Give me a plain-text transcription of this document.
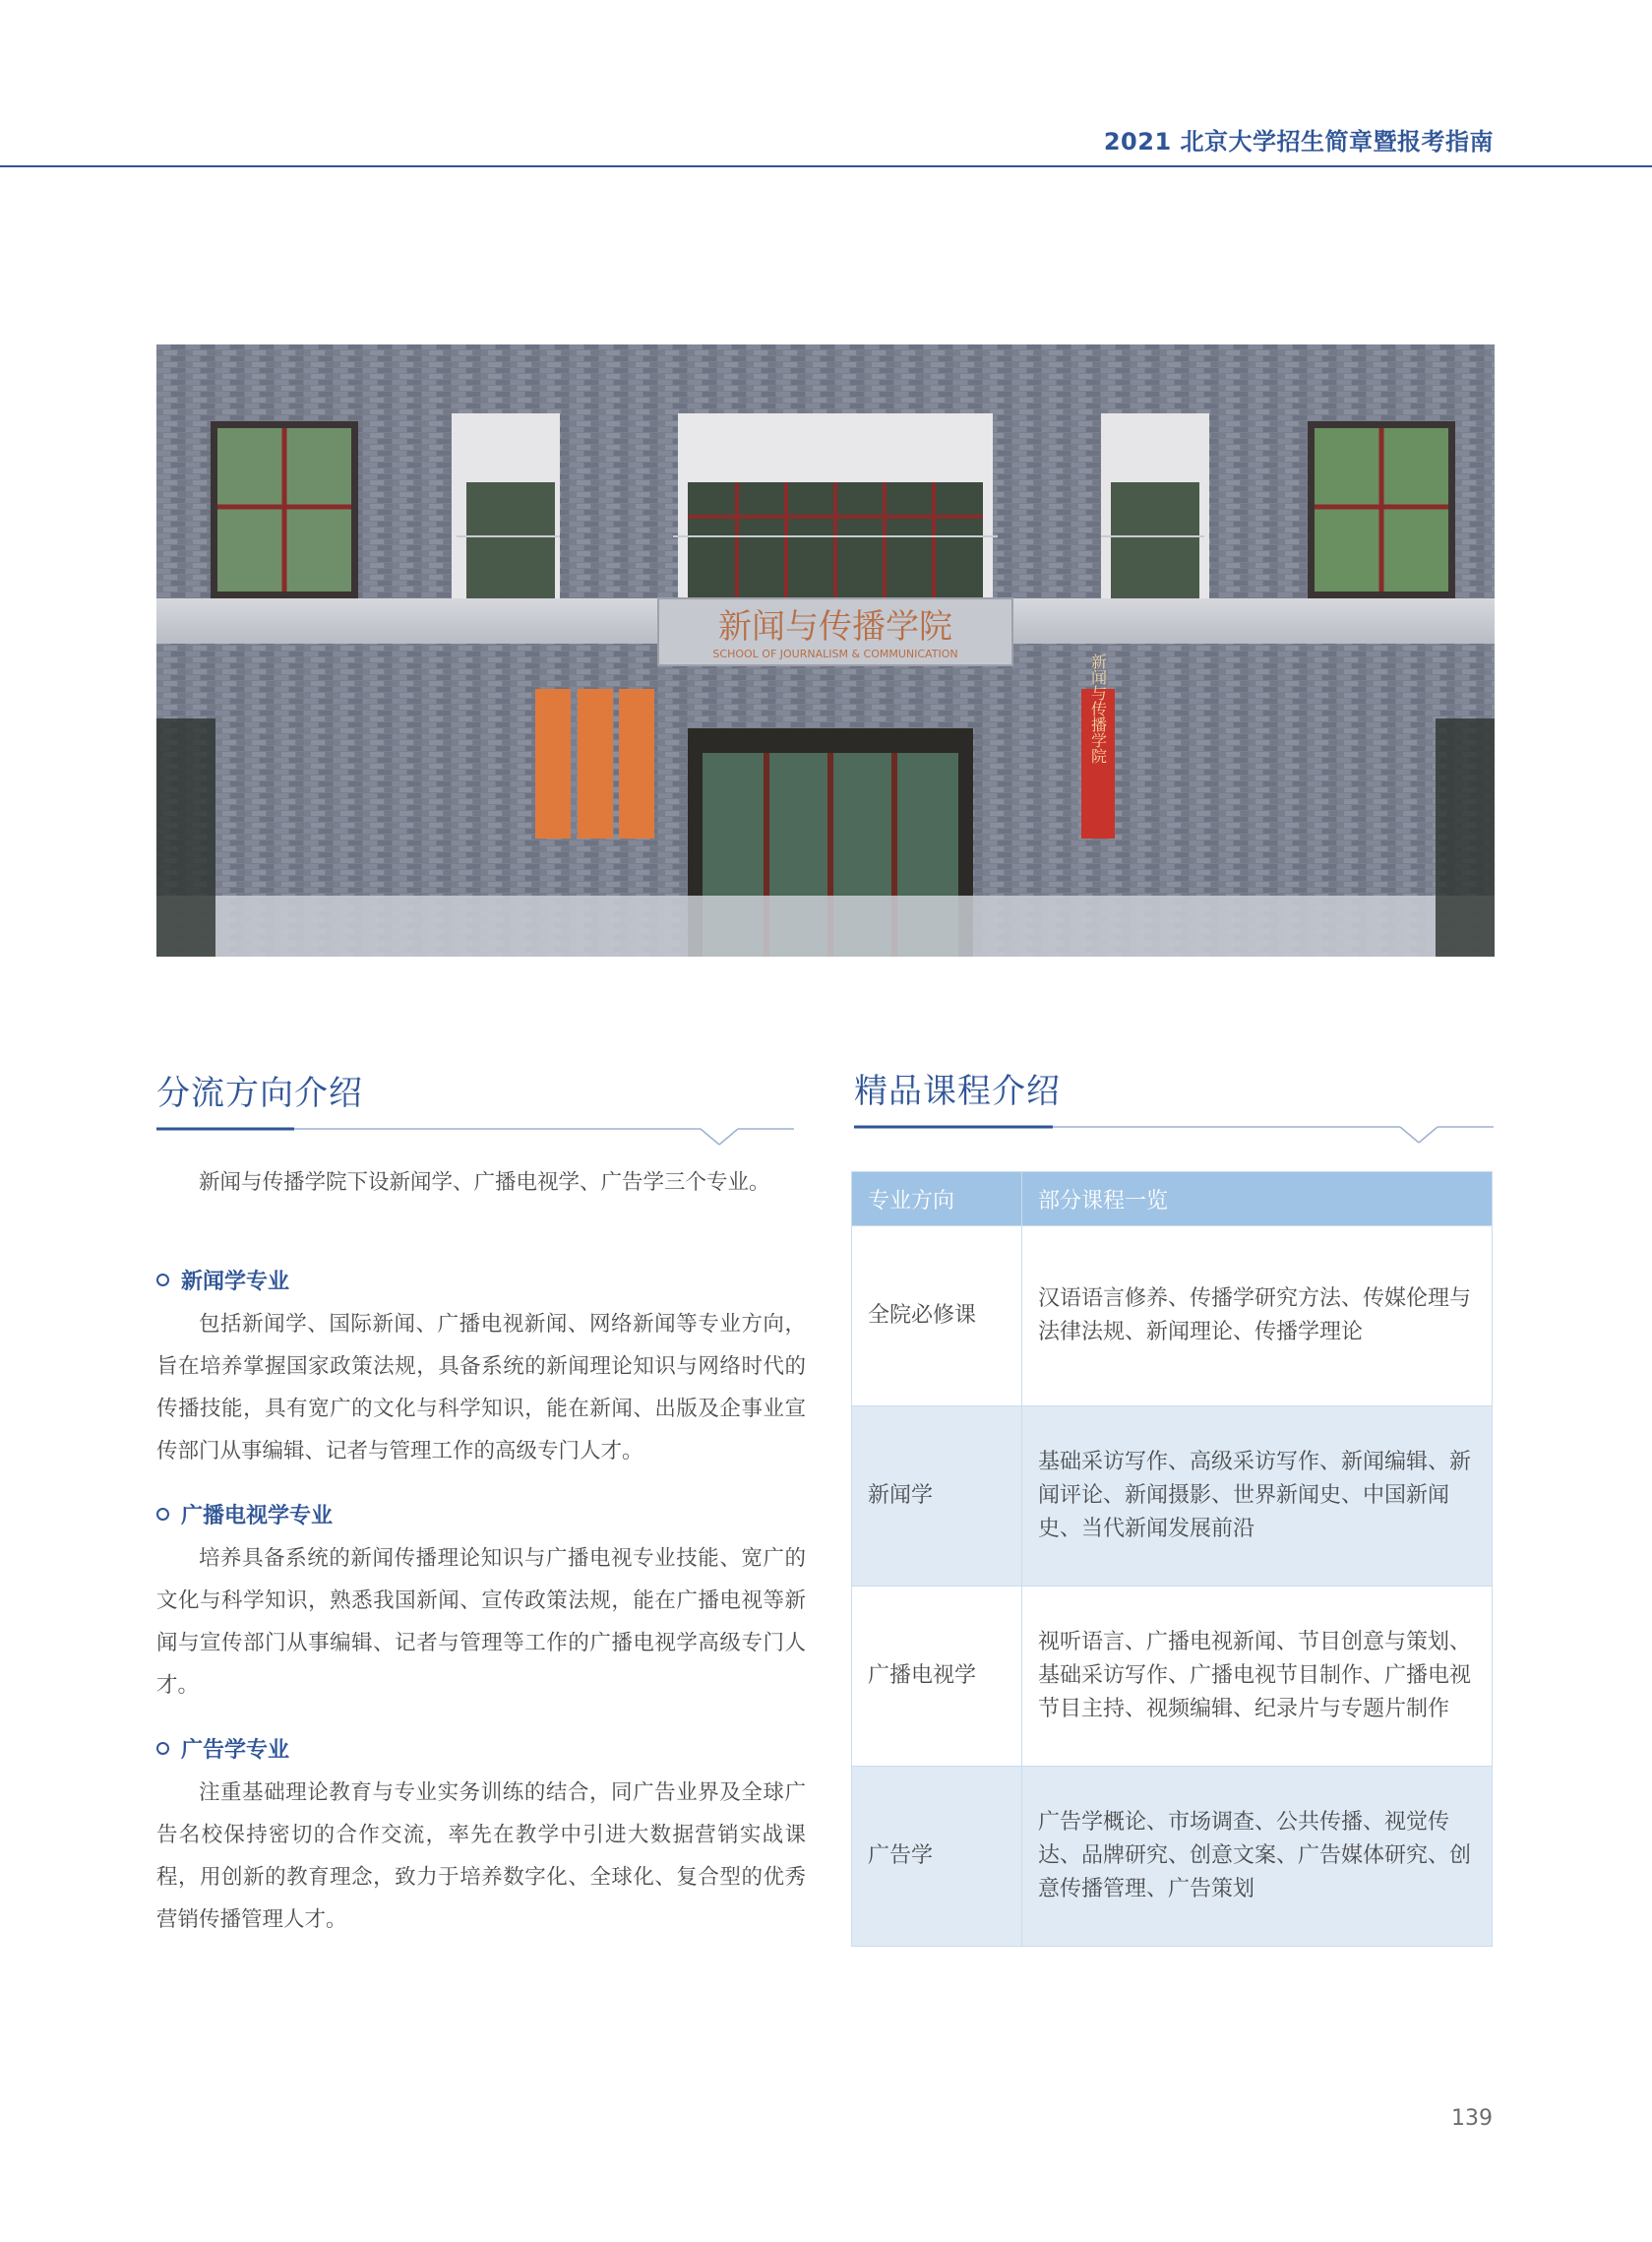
2021 北京大学招生简章暨报考指南
新闻与传播学院
SCHOOL OF JOURNALISM & COMMUNICATION	新闻与传播学院
分流方向介绍
新闻与传播学院下设新闻学、广播电视学、广告学三个专业。
新闻学专业
包括新闻学、国际新闻、广播电视新闻、网络新闻等专业方向，旨在培养掌握国家政策法规，具备系统的新闻理论知识与网络时代的传播技能，具有宽广的文化与科学知识，能在新闻、出版及企事业宣传部门从事编辑、记者与管理工作的高级专门人才。
广播电视学专业
培养具备系统的新闻传播理论知识与广播电视专业技能、宽广的文化与科学知识，熟悉我国新闻、宣传政策法规，能在广播电视等新闻与宣传部门从事编辑、记者与管理等工作的广播电视学高级专门人才。
广告学专业
注重基础理论教育与专业实务训练的结合，同广告业界及全球广告名校保持密切的合作交流，率先在教学中引进大数据营销实战课程，用创新的教育理念，致力于培养数字化、全球化、复合型的优秀营销传播管理人才。
精品课程介绍
专业方向	部分课程一览
全院必修课	汉语语言修养、传播学研究方法、传媒伦理与法律法规、新闻理论、传播学理论
新闻学	基础采访写作、高级采访写作、新闻编辑、新闻评论、新闻摄影、世界新闻史、中国新闻史、当代新闻发展前沿
广播电视学	视听语言、广播电视新闻、节目创意与策划、基础采访写作、广播电视节目制作、广播电视节目主持、视频编辑、纪录片与专题片制作
广告学	广告学概论、市场调查、公共传播、视觉传达、品牌研究、创意文案、广告媒体研究、创意传播管理、广告策划
139
